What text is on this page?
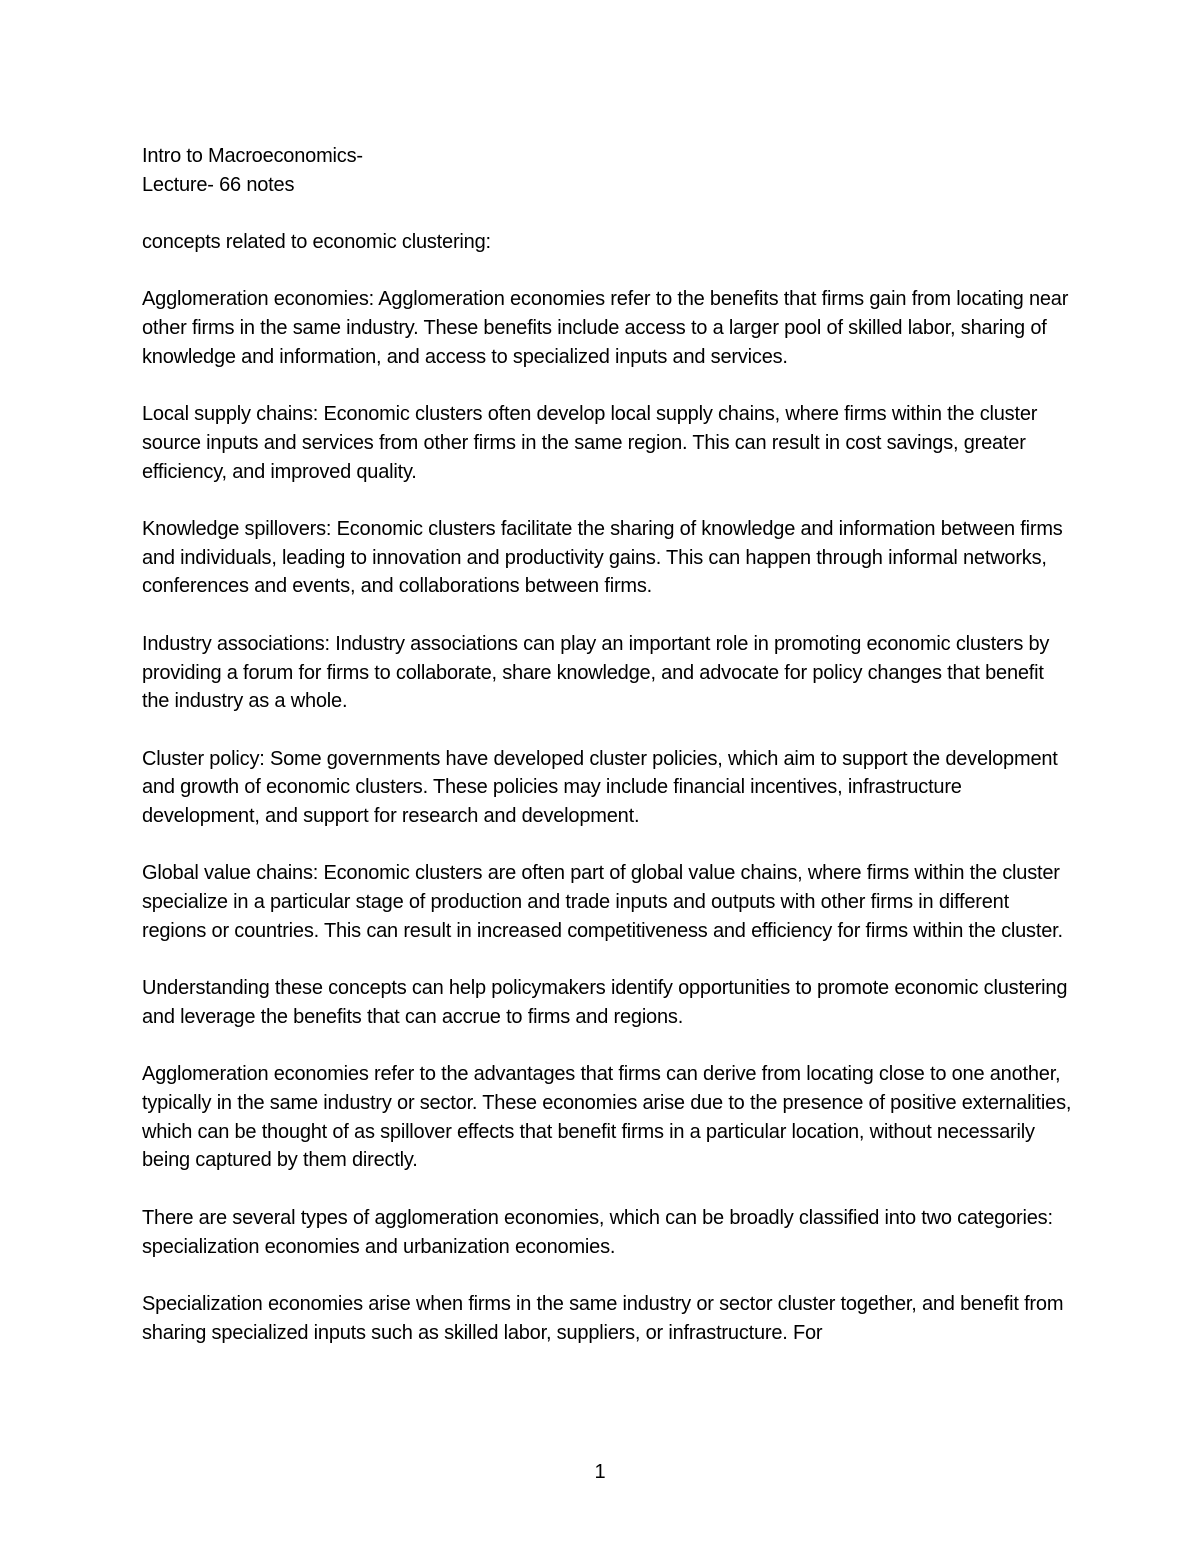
Intro to Macroeconomics-
Lecture- 66 notes

concepts related to economic clustering:

Agglomeration economies: Agglomeration economies refer to the benefits that firms gain from locating near other firms in the same industry. These benefits include access to a larger pool of skilled labor, sharing of knowledge and information, and access to specialized inputs and services.

Local supply chains: Economic clusters often develop local supply chains, where firms within the cluster source inputs and services from other firms in the same region. This can result in cost savings, greater efficiency, and improved quality.

Knowledge spillovers: Economic clusters facilitate the sharing of knowledge and information between firms and individuals, leading to innovation and productivity gains. This can happen through informal networks, conferences and events, and collaborations between firms.

Industry associations: Industry associations can play an important role in promoting economic clusters by providing a forum for firms to collaborate, share knowledge, and advocate for policy changes that benefit the industry as a whole.

Cluster policy: Some governments have developed cluster policies, which aim to support the development and growth of economic clusters. These policies may include financial incentives, infrastructure development, and support for research and development.

Global value chains: Economic clusters are often part of global value chains, where firms within the cluster specialize in a particular stage of production and trade inputs and outputs with other firms in different regions or countries. This can result in increased competitiveness and efficiency for firms within the cluster.

Understanding these concepts can help policymakers identify opportunities to promote economic clustering and leverage the benefits that can accrue to firms and regions.

Agglomeration economies refer to the advantages that firms can derive from locating close to one another, typically in the same industry or sector. These economies arise due to the presence of positive externalities, which can be thought of as spillover effects that benefit firms in a particular location, without necessarily being captured by them directly.

There are several types of agglomeration economies, which can be broadly classified into two categories: specialization economies and urbanization economies.

Specialization economies arise when firms in the same industry or sector cluster together, and benefit from sharing specialized inputs such as skilled labor, suppliers, or infrastructure. For

1
